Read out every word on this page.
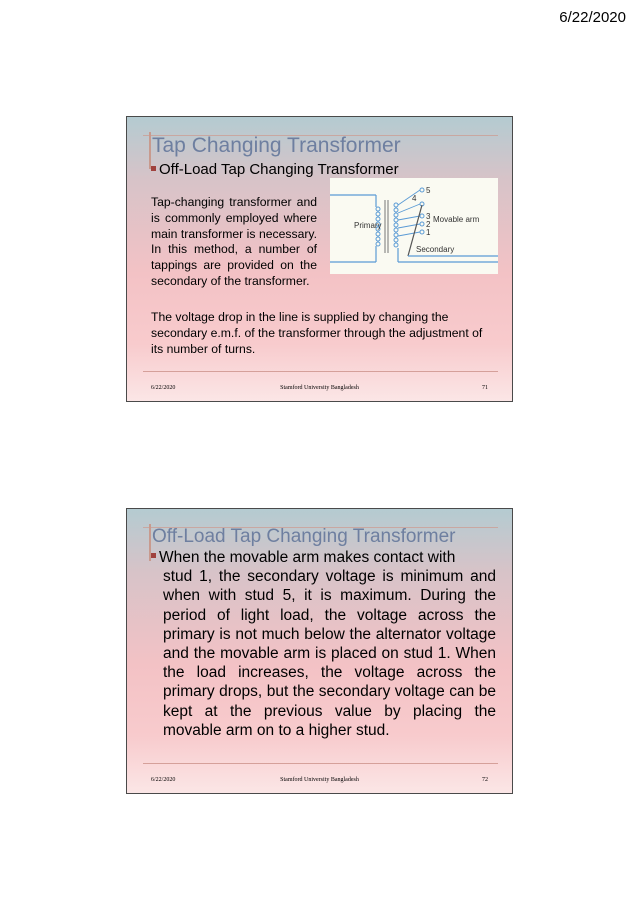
6/22/2020
Tap Changing Transformer
Off-Load Tap Changing Transformer
Tap-changing transformer and is commonly employed where main transformer is necessary. In this method, a number of tappings are provided on the secondary of the transformer.
5
4
3
2
1
Primary
Movable arm
Secondary
The voltage drop in the line is supplied by changing the secondary e.m.f. of the transformer through the adjustment of its number of turns.
Stamford University Bangladesh
6/22/2020	71
Off-Load Tap Changing Transformer
When the movable arm makes contact with
stud 1, the secondary voltage is minimum and when with stud 5, it is maximum. During the period of light load, the voltage across the primary is not much below the alternator voltage and the movable arm is placed on stud 1. When the load increases, the voltage across the primary drops, but the secondary voltage can be kept at the previous value by placing the movable arm on to a higher stud.
Stamford University Bangladesh
6/22/2020	72
